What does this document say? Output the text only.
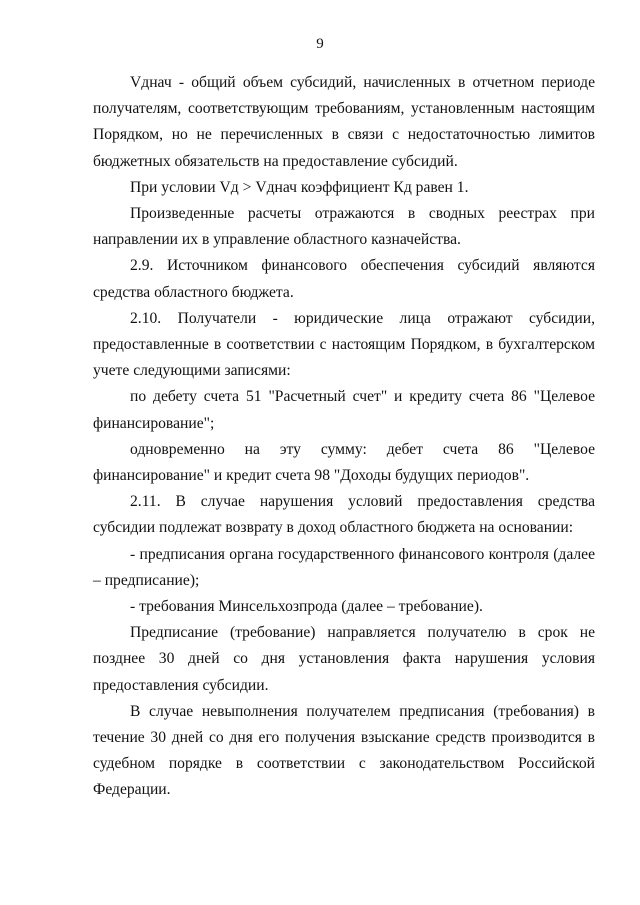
9

Vднач - общий объем субсидий, начисленных в отчетном периоде получателям, соответствующим требованиям, установленным настоящим Порядком, но не перечисленных в связи с недостаточностью лимитов бюджетных обязательств на предоставление субсидий.

При условии Vд > Vднач коэффициент Кд равен 1.

Произведенные расчеты отражаются в сводных реестрах при направлении их в управление областного казначейства.

2.9. Источником финансового обеспечения субсидий являются средства областного бюджета.

2.10. Получатели - юридические лица отражают субсидии, предоставленные в соответствии с настоящим Порядком, в бухгалтерском учете следующими записями:

по дебету счета 51 "Расчетный счет" и кредиту счета 86 "Целевое финансирование";

одновременно на эту сумму: дебет счета 86 "Целевое финансирование" и кредит счета 98 "Доходы будущих периодов".

2.11. В случае нарушения условий предоставления средства субсидии подлежат возврату в доход областного бюджета на основании:

- предписания органа государственного финансового контроля (далее – предписание);

- требования Минсельхозпрода (далее – требование).

Предписание (требование) направляется получателю в срок не позднее 30 дней со дня установления факта нарушения условия предоставления субсидии.

В случае невыполнения получателем предписания (требования) в течение 30 дней со дня его получения взыскание средств производится в судебном порядке в соответствии с законодательством Российской Федерации.
